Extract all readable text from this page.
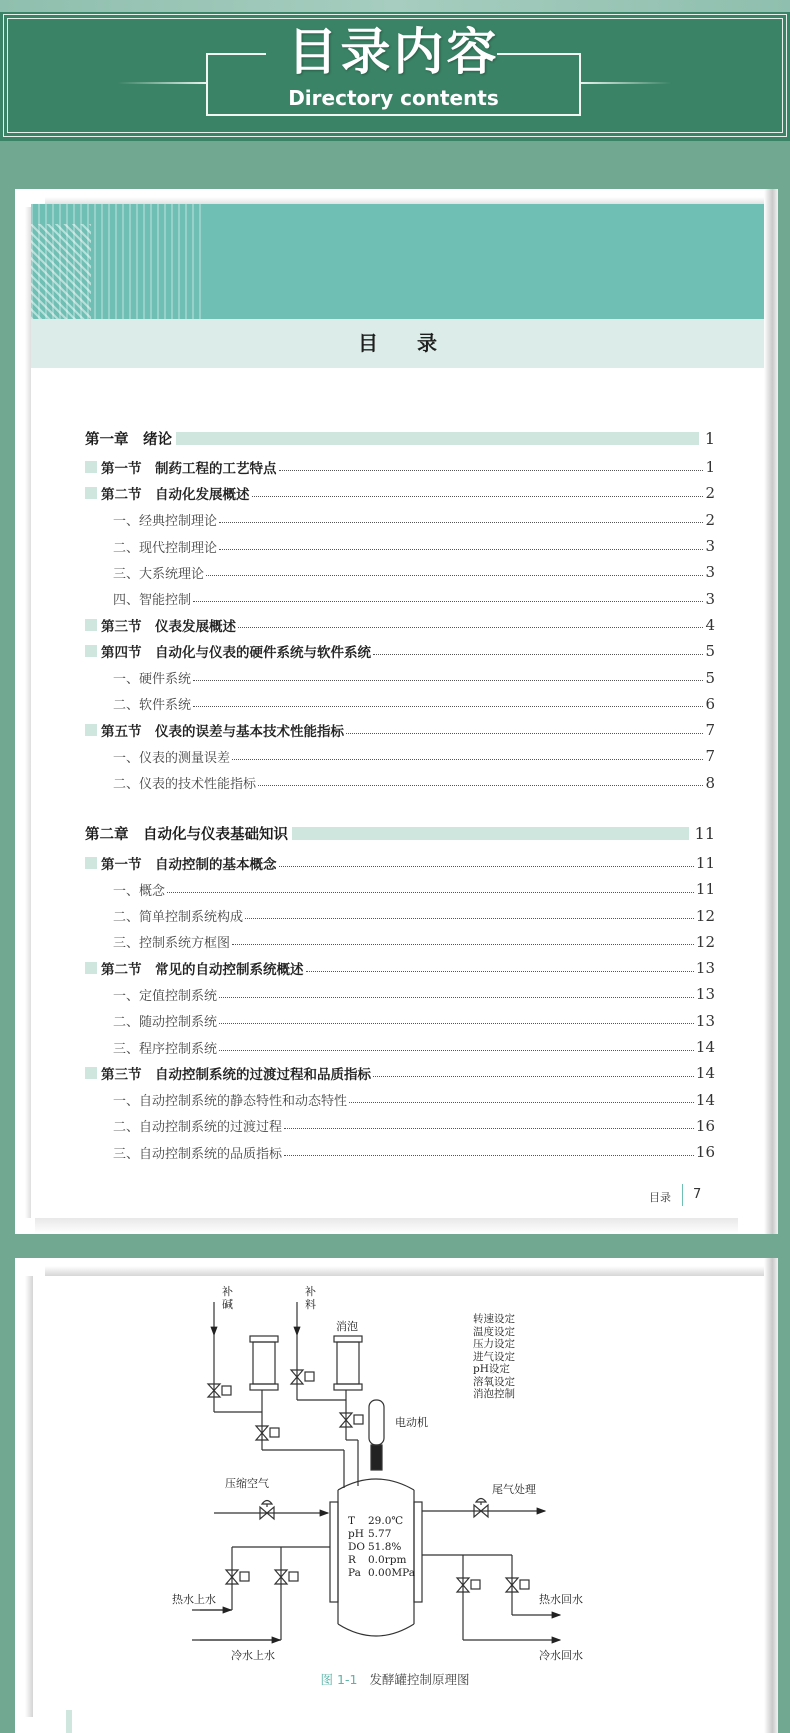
目录内容
Directory contents
目 录
第一章　绪论	1
第一节　制药工程的工艺特点	1
第二节　自动化发展概述	2
一、经典控制理论	2
二、现代控制理论	3
三、大系统理论	3
四、智能控制	3
第三节　仪表发展概述	4
第四节　自动化与仪表的硬件系统与软件系统	5
一、硬件系统	5
二、软件系统	6
第五节　仪表的误差与基本技术性能指标	7
一、仪表的测量误差	7
二、仪表的技术性能指标	8
第二章　自动化与仪表基础知识	11
第一节　自动控制的基本概念	11
一、概念	11
二、简单控制系统构成	12
三、控制系统方框图	12
第二节　常见的自动控制系统概述	13
一、定值控制系统	13
二、随动控制系统	13
三、程序控制系统	14
第三节　自动控制系统的过渡过程和品质指标	14
一、自动控制系统的静态特性和动态特性	14
二、自动控制系统的过渡过程	16
三、自动控制系统的品质指标	16
目录 7
补碱
补料
消泡
电动机
压缩空气	尾气处理
热水上水
冷水上水
热水回水
冷水回水
转速设定
温度设定
压力设定
进气设定
pH设定
溶氧设定
消泡控制
T 29.0℃
pH 5.77
DO 51.8%
R 0.0rpm
Pa 0.00MPa
图 1-1 发酵罐控制原理图
